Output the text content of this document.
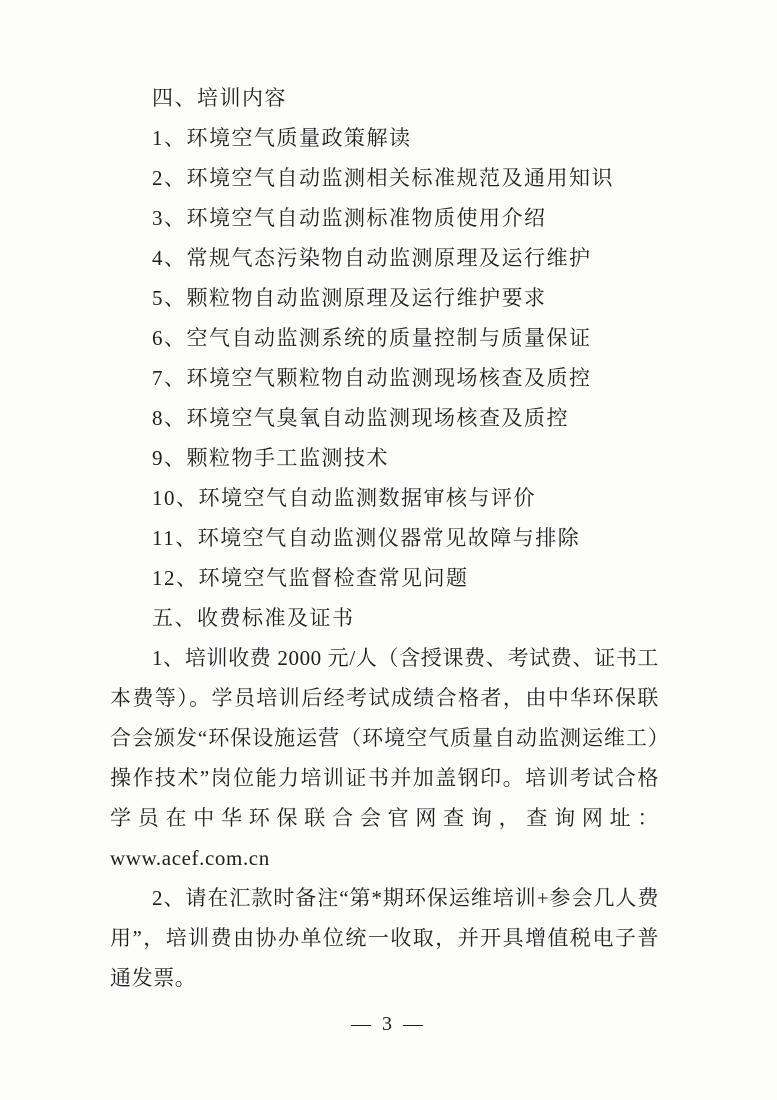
四、培训内容

1、环境空气质量政策解读

2、环境空气自动监测相关标准规范及通用知识

3、环境空气自动监测标准物质使用介绍

4、常规气态污染物自动监测原理及运行维护

5、颗粒物自动监测原理及运行维护要求

6、空气自动监测系统的质量控制与质量保证

7、环境空气颗粒物自动监测现场核查及质控

8、环境空气臭氧自动监测现场核查及质控

9、颗粒物手工监测技术

10、环境空气自动监测数据审核与评价

11、环境空气自动监测仪器常见故障与排除

12、环境空气监督检查常见问题

五、收费标准及证书

1、培训收费 2000 元/人（含授课费、考试费、证书工本费等）。学员培训后经考试成绩合格者，由中华环保联合会颁发“环保设施运营（环境空气质量自动监测运维工）操作技术”岗位能力培训证书并加盖钢印。培训考试合格学员在中华环保联合会官网查询，查询网址：www.acef.com.cn

2、请在汇款时备注“第*期环保运维培训+参会几人费用”，培训费由协办单位统一收取，并开具增值税电子普通发票。

— 3 —
